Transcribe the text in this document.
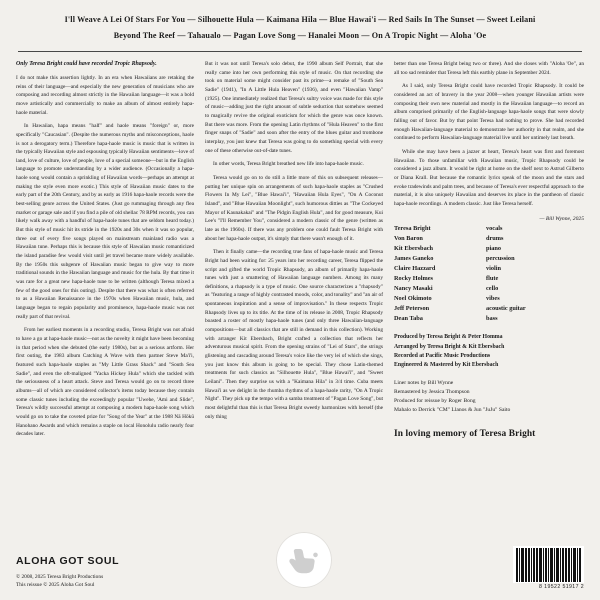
I'll Weave A Lei Of Stars For You — Silhouette Hula — Kaimana Hila — Blue Hawai'i — Red Sails In The Sunset — Sweet Leilani
Beyond The Reef — Tahaualo — Pagan Love Song — Hanalei Moon — On A Tropic Night — Aloha 'Oe

Only Teresa Bright could have recorded Tropic Rhapsody.

I do not make this assertion lightly. In an era when Hawaiians are retaking the reins of their language—and especially the new generation of musicians who are composing and recording almost strictly in the Hawaiian language—it was a bold move artistically and commercially to make an album of almost entirely hapa-haole material.

In Hawaiian, hapa means "half" and haole means "foreign" or, more specifically "Caucasian". (Despite the numerous myths and misconceptions, haole is not a derogatory term.) Therefore hapa-haole music is music that is written in the typically Hawaiian style and espousing typically Hawaiian sentiments—love of land, love of culture, love of people, love of a special someone—but in the English language to promote understanding by a wider audience. (Occasionally a hapa-haole song would contain a sprinkling of Hawaiian words—perhaps an attempt at making the style even more exotic.) This style of Hawaiian music dates to the early part of the 20th Century, and by as early as 1916 hapa-haole records were the best-selling genre across the United States. (Just go rummaging through any flea market or garage sale and if you find a pile of old shellac 78 RPM records, you can likely walk away with a handful of hapa-haole tunes that are seldom heard today.) But this style of music hit its stride in the 1920s and 30s when it was so popular, three out of every five songs played on mainstream mainland radio was a Hawaiian tune. Perhaps this is because this style of Hawaiian music romanticized the island paradise few would visit until jet travel became more widely available. By the 1950s this subgenre of Hawaiian music began to give way to more traditional sounds in the Hawaiian language and music for the hula. By that time it was rare for a great new hapa-haole tune to be written (although Teresa mixed a few of the good ones for this outing). Despite that there was what is often referred to as a Hawaiian Renaissance in the 1970s when Hawaiian music, hula, and language began to regain popularity and prominence, hapa-haole music was not really part of that revival.

From her earliest moments in a recording studio, Teresa Bright was not afraid to have a go at hapa-haole music—not as the novelty it might have been becoming in that period when she debuted (the early 1980s), but as a serious artform. Her first outing, the 1983 album Catching A Wave with then partner Steve Ma'i'i, featured such hapa-haole staples as "My Little Grass Shack" and "South Sea Sadie", and even the oft-maligned "Yacka Hickey Hula" which she tackled with the seriousness of a heart attack. Steve and Teresa would go on to record three albums—all of which are considered collector's items today because they contain some classic tunes including the exceedingly popular "Uwehe, 'Ami and Slide", Teresa's wildly successful attempt at composing a modern hapa-haole song which would go on to take the coveted prize for "Song of the Year" at the 1988 Nā Hōkū Hanohano Awards and which remains a staple on local Honolulu radio nearly four decades later.

But it was not until Teresa's solo debut, the 1990 album Self Portrait, that she really came into her own performing this style of music. On that recording she took on material some might consider past its prime—a remake of "South Sea Sadie" (1941), "In A Little Hula Heaven" (1936), and even "Hawaiian Vamp" (1925). One immediately realized that Teresa's sultry voice was made for this style of music—adding just the right amount of subtle seduction that somehow seemed to magically revive the original exoticism for which the genre was once known. But there was more. From the opening Latin rhythms of "Hula Heaven" to the first finger snaps of "Sadie" and soon after the entry of the blues guitar and trombone interplay, you just knew that Teresa was going to do something special with every one of these otherwise out-of-date tunes.

In other words, Teresa Bright breathed new life into hapa-haole music.

Teresa would go on to do still a little more of this on subsequent releases—putting her unique spin on arrangements of such hapa-haole staples as "Crushed Flowers In My Lei", "Blue Hawai'i", "Hawaiian Hula Eyes", "On A Coconut Island", and "Blue Hawaiian Moonlight", such humorous ditties as "The Cockeyed Mayor of Kaunakakai" and "The Pidgin English Hula", and for good measure, Kui Lee's "I'll Remember You", considered a modern classic of the genre (written as late as the 1960s). If there was any problem one could fault Teresa Bright with about her hapa-haole output, it's simply that there wasn't enough of it.

Then it finally came—the recording true fans of hapa-haole music and Teresa Bright had been waiting for: 25 years into her recording career, Teresa flipped the script and gifted the world Tropic Rhapsody, an album of primarily hapa-haole tunes with just a smattering of Hawaiian language numbers. Among its many definitions, a rhapsody is a type of music. One source characterizes a "rhapsody" as "featuring a range of highly contrasted moods, color, and tonality" and "an air of spontaneous inspiration and a sense of improvisation." In these respects Tropic Rhapsody lives up to its title. At the time of its release in 2008, Tropic Rhapsody boasted a roster of mostly hapa-haole tunes (and only three Hawaiian-language compositions—but all classics that are still in demand in this collection). Working with arranger Kit Ebersbach, Bright crafted a collection that reflects her adventurous musical spirit. From the opening strains of "Lei of Stars", the strings glistening and cascading around Teresa's voice like the very lei of which she sings, you just know this album is going to be special. They chose Latin-themed treatments for such classics as "Silhouette Hula", "Blue Hawai'i", and "Sweet Leilani". Then they surprise us with a "Kaimana Hila" in 3/4 time. Cuba meets Hawai'i as we delight in the rhumba rhythms of a hapa-haole rarity, "On A Tropic Night". They pick up the tempo with a samba treatment of "Pagan Love Song", but most delightful than this is that Teresa Bright sweetly harmonizes with herself (the only thing

better than one Teresa Bright being two or three). And she closes with "Aloha 'Oe", an all too sad reminder that Teresa left this earthly plane in September 2024.

As I said, only Teresa Bright could have recorded Tropic Rhapsody. It could be considered an act of bravery in the year 2008—when younger Hawaiian artists were composing their own new material and mostly in the Hawaiian language—to record an album comprised primarily of the English-language hapa-haole songs that were slowly falling out of favor. But by that point Teresa had nothing to prove. She had recorded enough Hawaiian-language material to demonstrate her authority in that realm, and she continued to perform Hawaiian-language material live until her untimely last breath.

While she may have been a jazzer at heart, Teresa's heart was first and foremost Hawaiian. To those unfamiliar with Hawaiian music, Tropic Rhapsody could be considered a jazz album. It would be right at home on the shelf next to Astrud Gilberto or Diana Krall. But because the romantic lyrics speak of the moon and the stars and evoke tradewinds and palm trees, and because of Teresa's ever respectful approach to the material, it is also uniquely Hawaiian and deserves its place in the pantheon of classic hapa-haole recordings. A modern classic. Just like Teresa herself.

— Bill Wynne, 2025
Teresa Bright	vocals
Von Baron	drums
Kit Ebersbach	piano
James Ganeko	percussion
Claire Hazzard	violin
Rocky Holmes	flute
Nancy Masaki	cello
Noel Okimoto	vibes
Jeff Peterson	acoustic guitar
Dean Taba	bass
Produced by Teresa Bright & Peter Homma
Arranged by Teresa Bright & Kit Ebersbach
Recorded at Pacific Music Productions
Engineered & Mastered by Kit Ebersbach
Liner notes by Bill Wynne
Remastered by Jessica Thompson
Produced for reissue by Roger Bong
Mahalo to Derrick "CM" Llanos & Jun "JuJu" Saito
In loving memory of Teresa Bright
ALOHA GOT SOUL
© 2008, 2025 Teresa Bright Productions
This reissue © 2025 Aloha Got Soul	8 19522 51917 2
